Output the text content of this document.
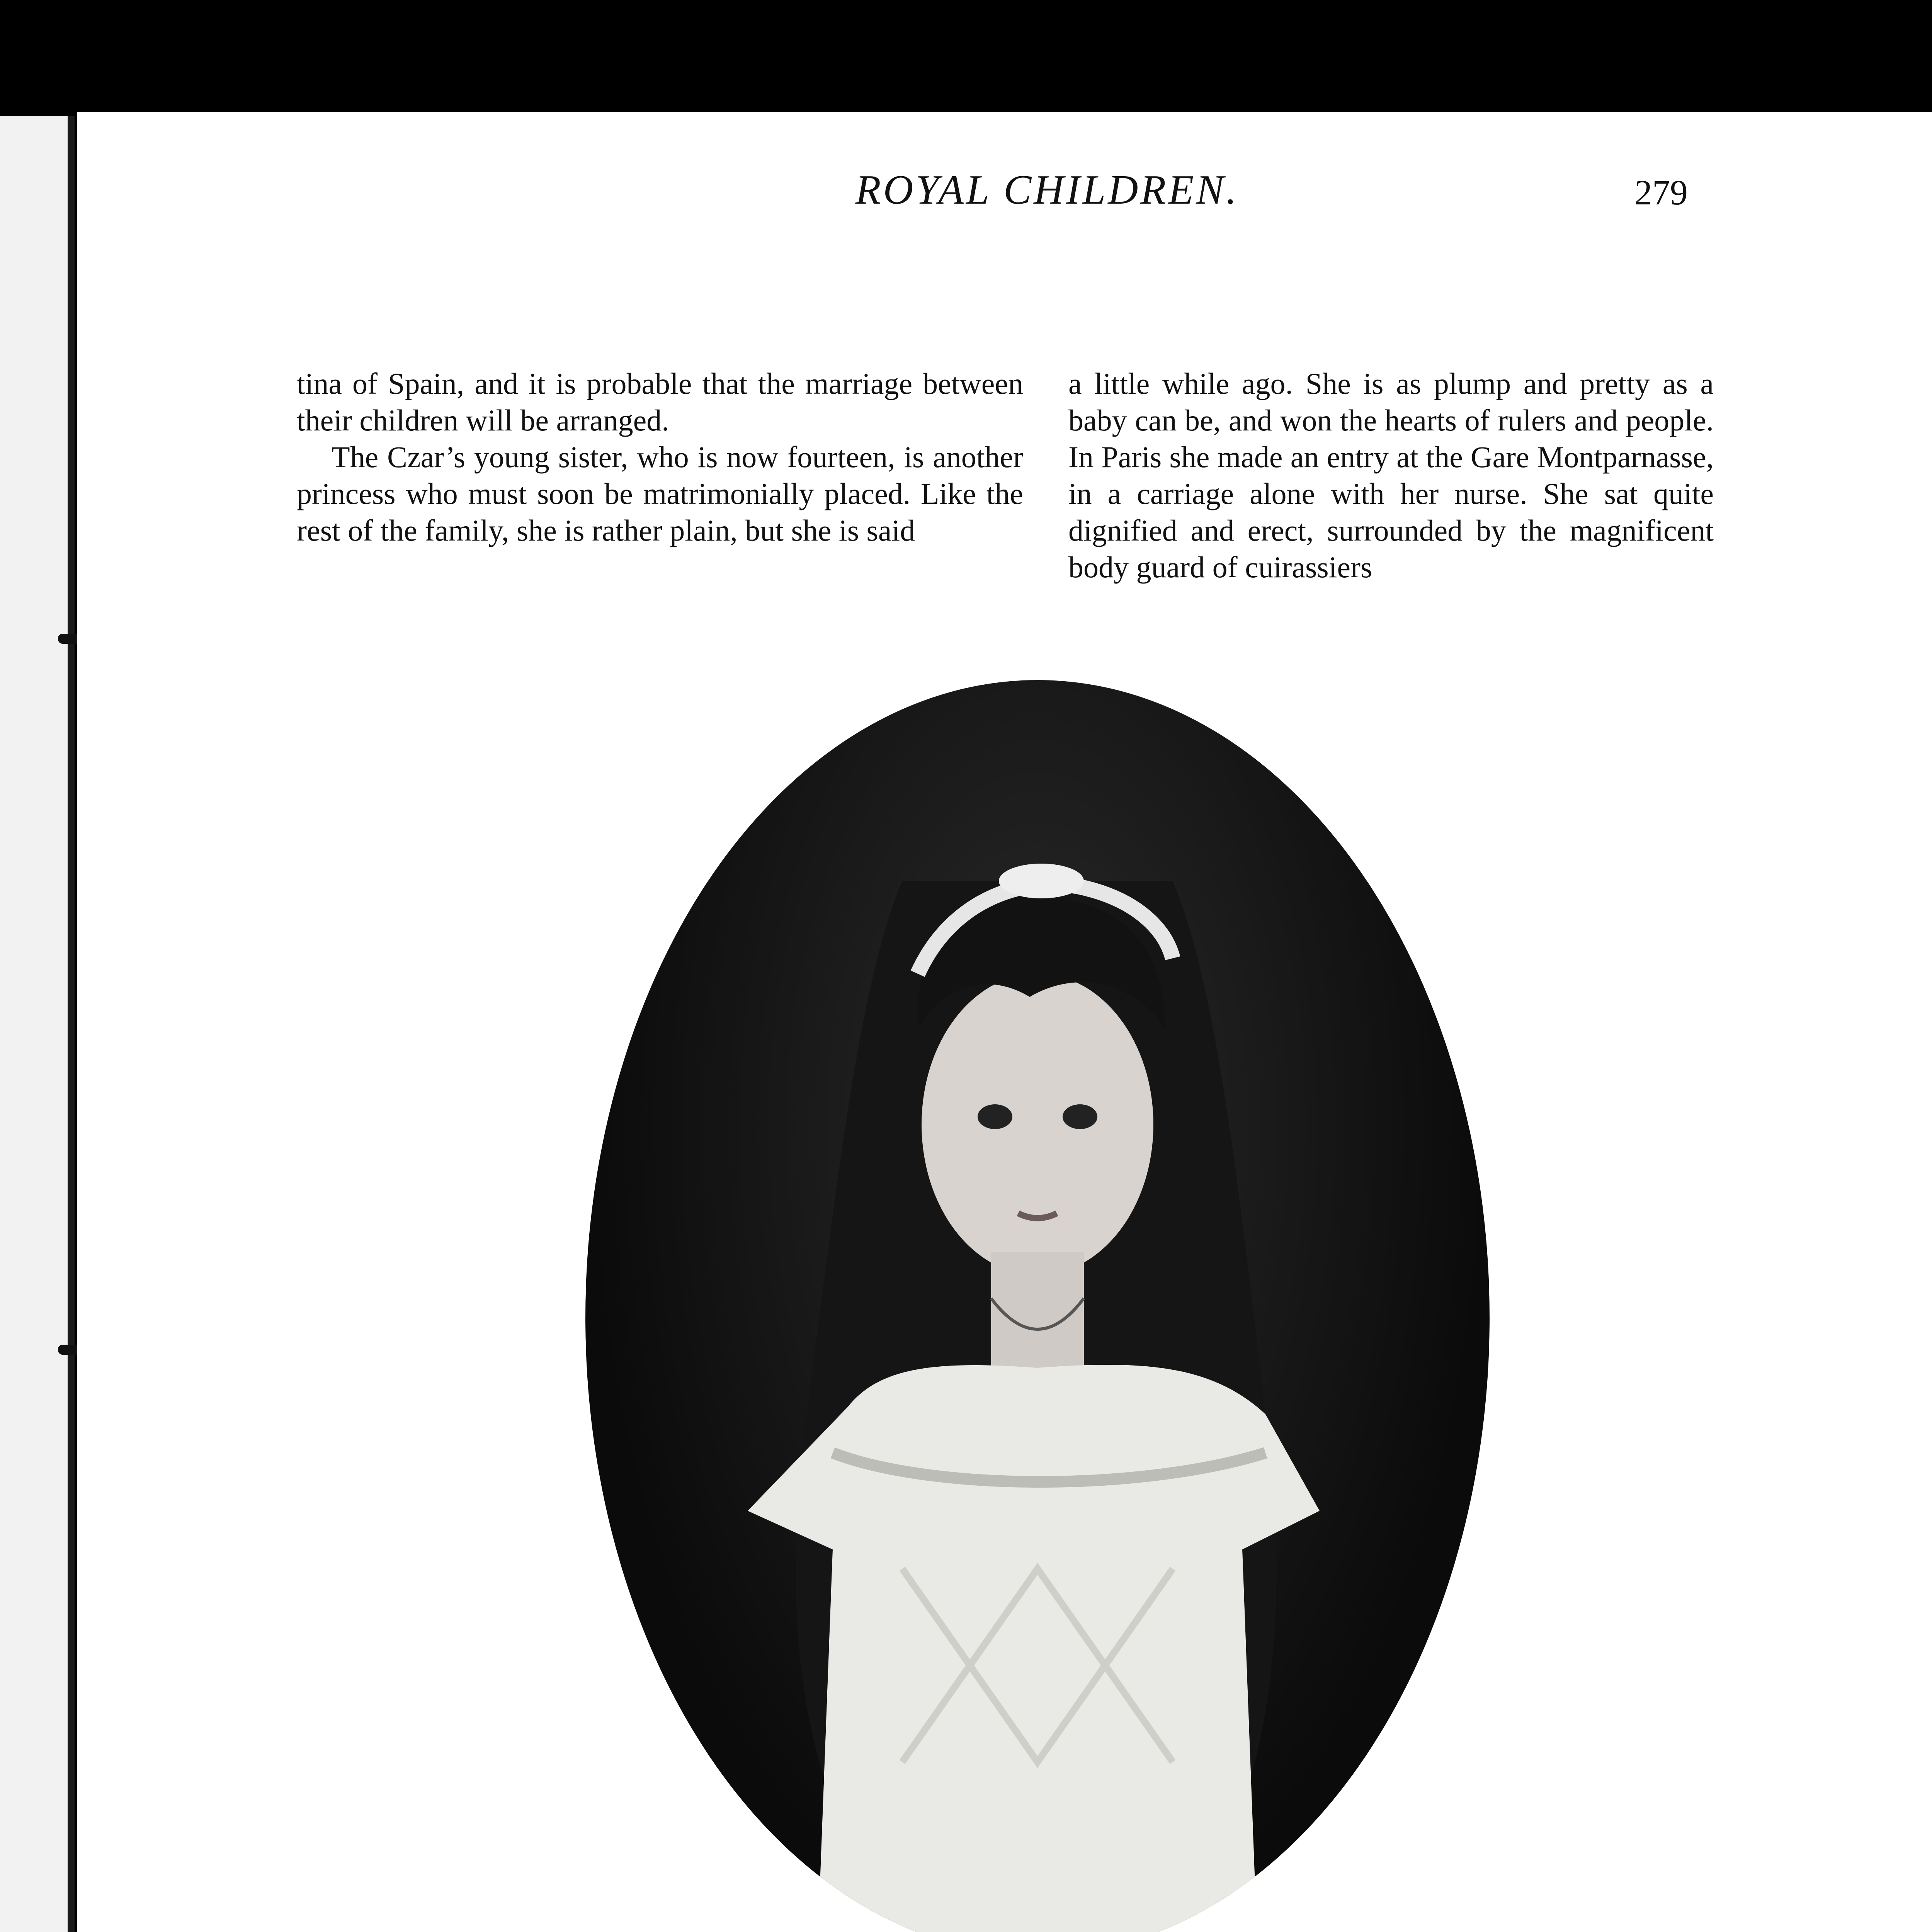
ROYAL CHILDREN.	279

tina of Spain, and it is probable that the marriage between their children will be arranged.

The Czar’s young sister, who is now fourteen, is another princess who must soon be matrimonially placed. Like the rest of the family, she is rather plain, but she is said

a little while ago. She is as plump and pretty as a baby can be, and won the hearts of rulers and people. In Paris she made an entry at the Gare Montparnasse, in a carriage alone with her nurse. She sat quite dignified and erect, surrounded by the magnificent body guard of cuirassiers
